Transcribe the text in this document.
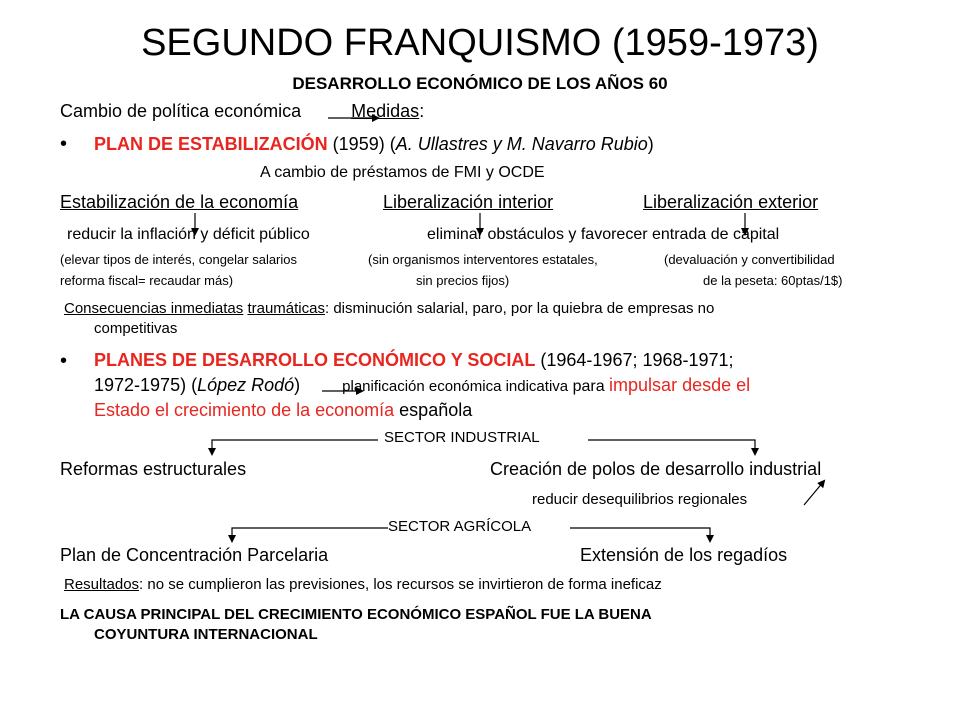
SEGUNDO FRANQUISMO (1959-1973)
DESARROLLO ECONÓMICO DE LOS AÑOS 60
Cambio de política económica	Medidas:
• PLAN DE ESTABILIZACIÓN (1959) (A. Ullastres y M. Navarro Rubio)
A cambio de préstamos de FMI y OCDE
Estabilización de la economía	Liberalización interior	Liberalización exterior
reducir la inflación y déficit público	eliminar obstáculos y favorecer entrada de capital
(elevar tipos de interés, congelar salarios	(sin organismos interventores estatales,	(devaluación y convertibilidad
reforma fiscal= recaudar más)	sin precios fijos)	de la peseta: 60ptas/1$)
Consecuencias inmediatas traumáticas: disminución salarial, paro, por la quiebra de empresas no
competitivas
• PLANES DE DESARROLLO ECONÓMICO Y SOCIAL (1964-1967; 1968-1971;
1972-1975) (López Rodó)	planificación económica indicativa para impulsar desde el
Estado el crecimiento de la economía española
SECTOR INDUSTRIAL
Reformas estructurales	Creación de polos de desarrollo industrial
reducir desequilibrios regionales
SECTOR AGRÍCOLA
Plan de Concentración Parcelaria	Extensión de los regadíos
Resultados: no se cumplieron las previsiones, los recursos se invirtieron de forma ineficaz
LA CAUSA PRINCIPAL DEL CRECIMIENTO ECONÓMICO ESPAÑOL FUE LA BUENA
COYUNTURA INTERNACIONAL
